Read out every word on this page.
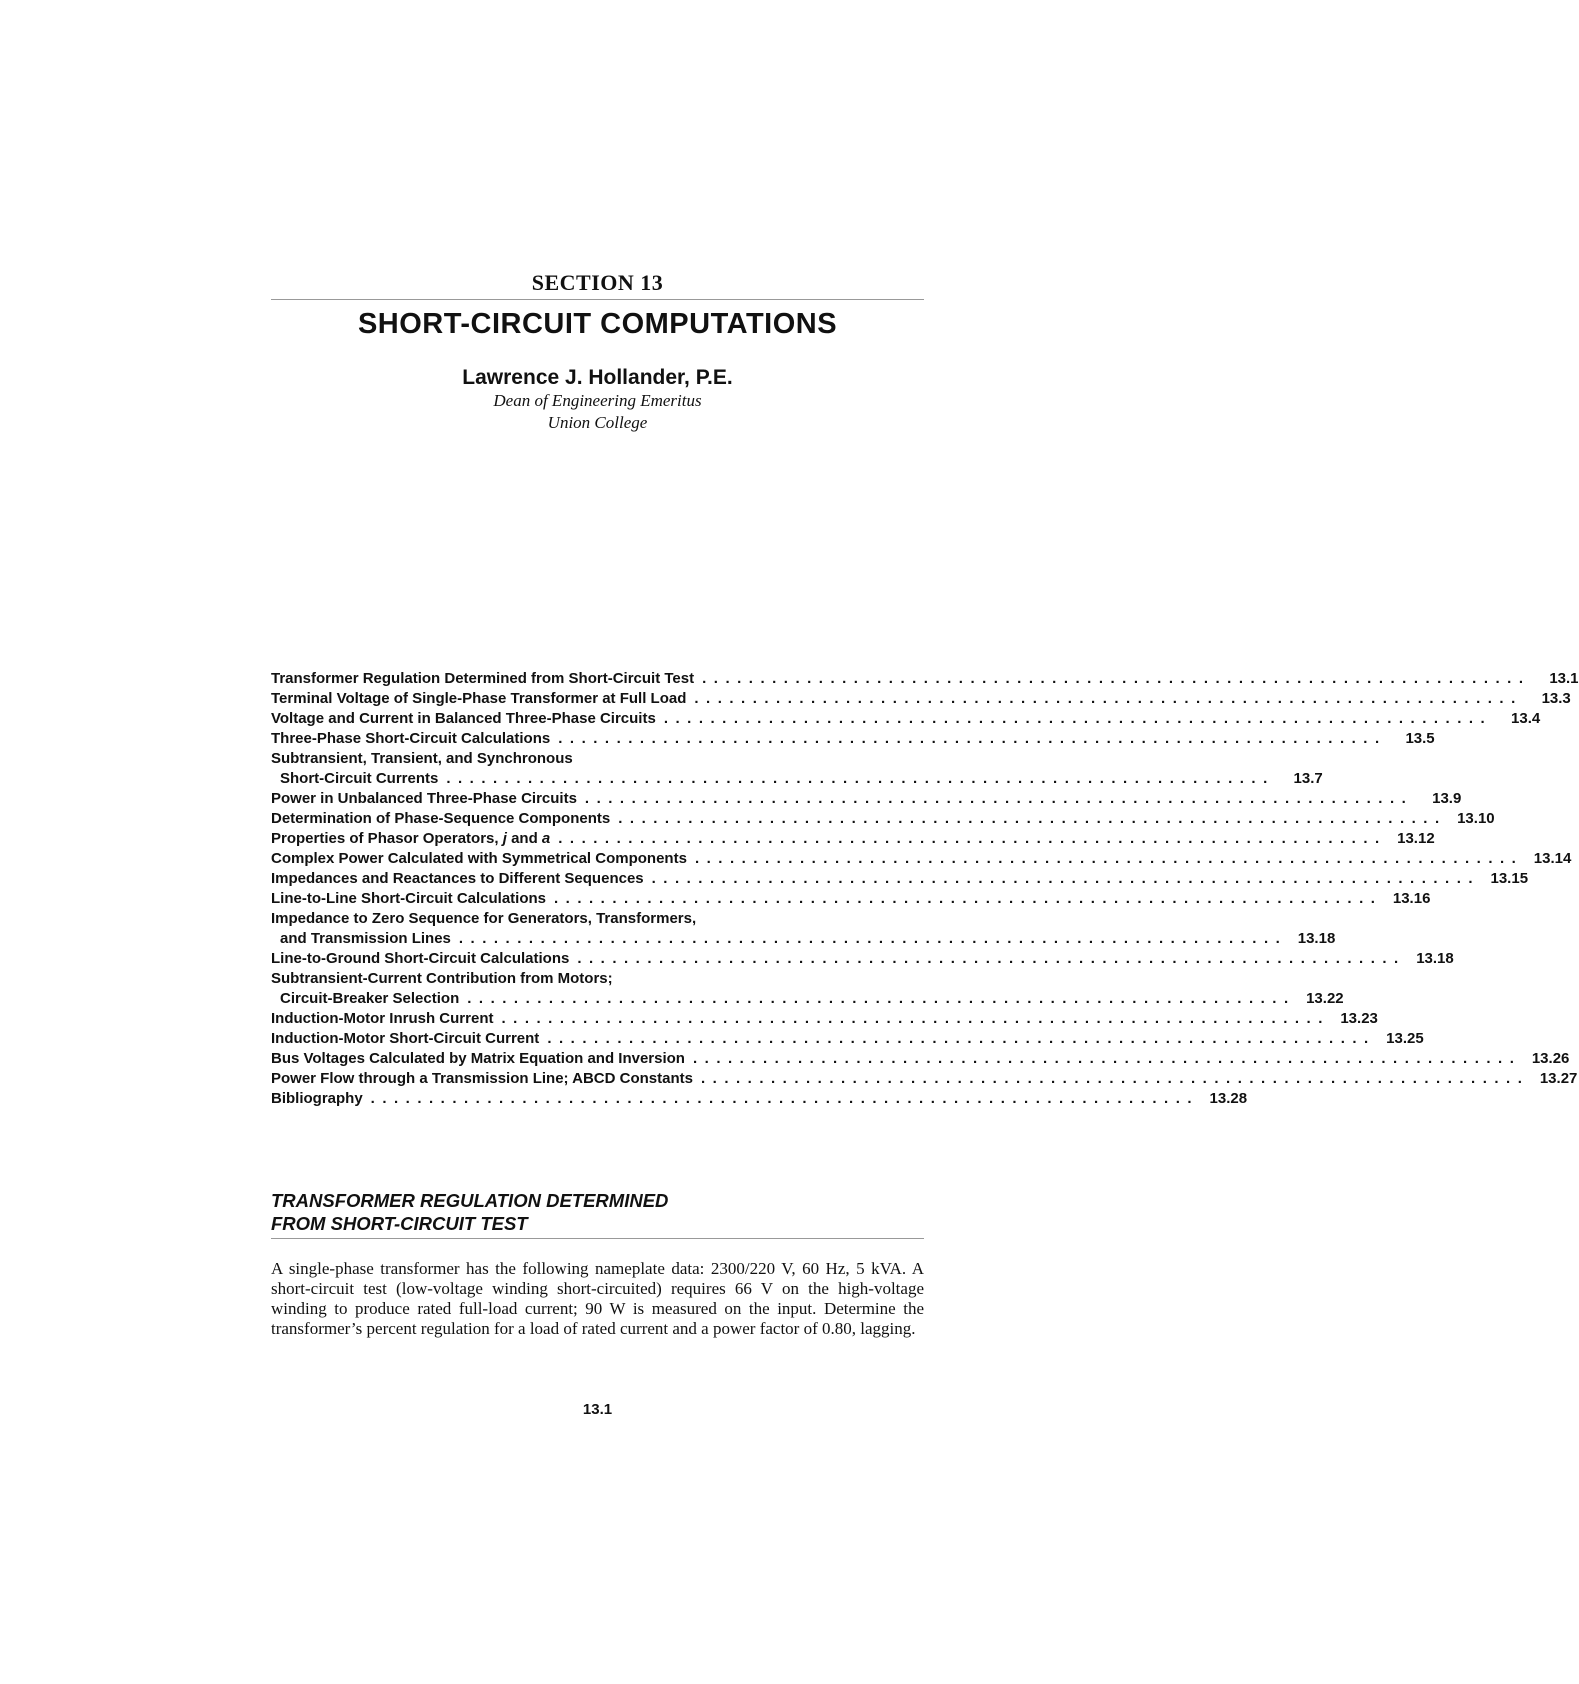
SECTION 13
SHORT-CIRCUIT COMPUTATIONS
Lawrence J. Hollander, P.E.
Dean of Engineering Emeritus
Union College
Transformer Regulation Determined from Short-Circuit Test .......................................................................	13.1
Terminal Voltage of Single-Phase Transformer at Full Load .......................................................................	13.3
Voltage and Current in Balanced Three-Phase Circuits .......................................................................	13.4
Three-Phase Short-Circuit Calculations .......................................................................	13.5
Subtransient, Transient, and Synchronous
Short-Circuit Currents .......................................................................	13.7
Power in Unbalanced Three-Phase Circuits .......................................................................	13.9
Determination of Phase-Sequence Components ....................................................................... 13.10
Properties of Phasor Operators, j and a ....................................................................... 13.12
Complex Power Calculated with Symmetrical Components ....................................................................... 13.14
Impedances and Reactances to Different Sequences ....................................................................... 13.15
Line-to-Line Short-Circuit Calculations ....................................................................... 13.16
Impedance to Zero Sequence for Generators, Transformers,
and Transmission Lines ....................................................................... 13.18
Line-to-Ground Short-Circuit Calculations ....................................................................... 13.18
Subtransient-Current Contribution from Motors;
Circuit-Breaker Selection ....................................................................... 13.22
Induction-Motor Inrush Current ....................................................................... 13.23
Induction-Motor Short-Circuit Current ....................................................................... 13.25
Bus Voltages Calculated by Matrix Equation and Inversion ....................................................................... 13.26
Power Flow through a Transmission Line; ABCD Constants ....................................................................... 13.27
Bibliography ....................................................................... 13.28
TRANSFORMER REGULATION DETERMINED
FROM SHORT-CIRCUIT TEST

A single-phase transformer has the following nameplate data: 2300/220 V, 60 Hz, 5 kVA. A short-circuit test (low-voltage winding short-circuited) requires 66 V on the high-voltage winding to produce rated full-load current; 90 W is measured on the input. Determine the transformer’s percent regulation for a load of rated current and a power factor of 0.80, lagging.

13.1
